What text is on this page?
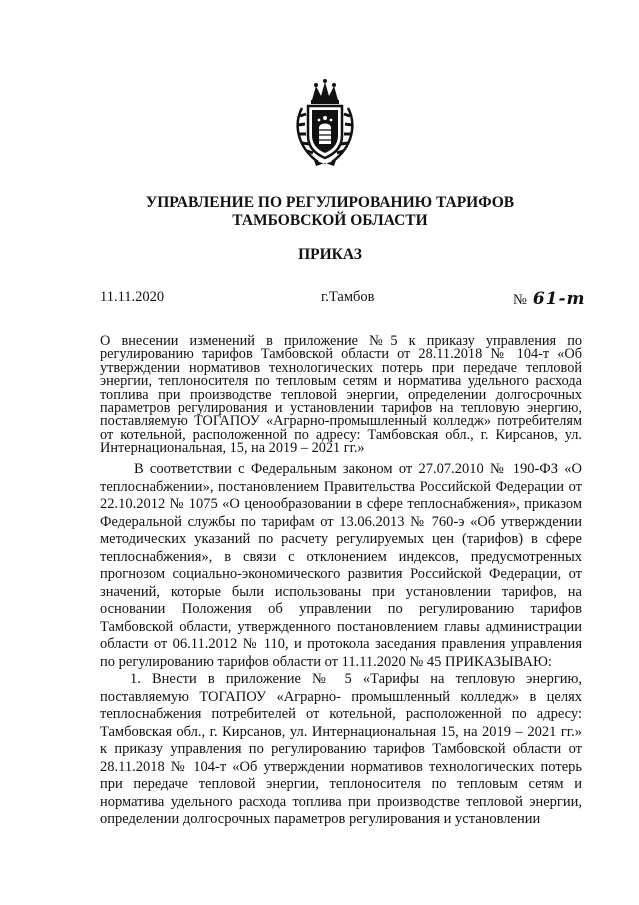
УПРАВЛЕНИЕ ПО РЕГУЛИРОВАНИЮ ТАРИФОВ
ТАМБОВСКОЙ ОБЛАСТИ
ПРИКАЗ
11.11.2020	г.Тамбов	№ 61-т
О внесении изменений в приложение №5 к приказу управления по регулированию тарифов Тамбовской области от 28.11.2018 № 104-т «Об утверждении нормативов технологических потерь при передаче тепловой энергии, теплоносителя по тепловым сетям и норматива удельного расхода топлива при производстве тепловой энергии, определении долгосрочных параметров регулирования и установлении тарифов на тепловую энергию, поставляемую ТОГАПОУ «Аграрно-промышленный колледж» потребителям от котельной, расположенной по адресу: Тамбовская обл., г. Кирсанов, ул. Интернациональная, 15, на 2019 – 2021 гг.»

В соответствии с Федеральным законом от 27.07.2010 № 190-ФЗ «О теплоснабжении», постановлением Правительства Российской Федерации от 22.10.2012 № 1075 «О ценообразовании в сфере теплоснабжения», приказом Федеральной службы по тарифам от 13.06.2013 № 760-э «Об утверждении методических указаний по расчету регулируемых цен (тарифов) в сфере теплоснабжения», в связи с отклонением индексов, предусмотренных прогнозом социально-экономического развития Российской Федерации, от значений, которые были использованы при установлении тарифов, на основании Положения об управлении по регулированию тарифов Тамбовской области, утвержденного постановлением главы администрации области от 06.11.2012 № 110, и протокола заседания правления управления по регулированию тарифов области от 11.11.2020 № 45 ПРИКАЗЫВАЮ:

1. Внести в приложение № 5 «Тарифы на тепловую энергию, поставляемую ТОГАПОУ «Аграрно- промышленный колледж» в целях теплоснабжения потребителей от котельной, расположенной по адресу: Тамбовская обл., г. Кирсанов, ул. Интернациональная 15, на 2019 – 2021 гг.» к приказу управления по регулированию тарифов Тамбовской области от 28.11.2018 № 104-т «Об утверждении нормативов технологических потерь при передаче тепловой энергии, теплоносителя по тепловым сетям и норматива удельного расхода топлива при производстве тепловой энергии, определении долгосрочных параметров регулирования и установлении
